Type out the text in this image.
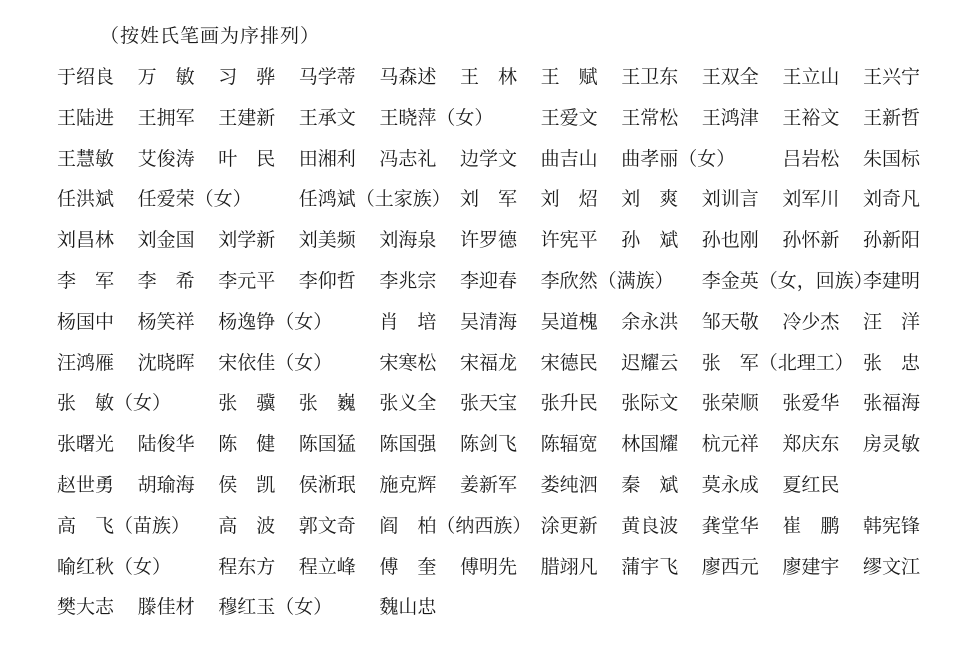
（按姓氏笔画为序排列）
于绍良 万　敏 习　骅 马学蒂 马森述 王　林 王　赋 王卫东 王双全 王立山 王兴宁
王陆进 王拥军 王建新 王承文 王晓萍（女） 王爱文 王常松 王鸿津 王裕文 王新哲
王慧敏 艾俊涛 叶　民 田湘利 冯志礼 边学文 曲吉山 曲孝丽（女） 吕岩松 朱国标
任洪斌 任爱荣（女） 任鸿斌（土家族） 刘　军 刘　炤 刘　爽 刘训言 刘军川 刘奇凡
刘昌林 刘金国 刘学新 刘美频 刘海泉 许罗德 许宪平 孙　斌 孙也刚 孙怀新 孙新阳
李　军 李　希 李元平 李仰哲 李兆宗 李迎春 李欣然（满族） 李金英（女，回族）
李建明
杨国中 杨笑祥 杨逸铮（女） 肖　培 吴清海 吴道槐 余永洪 邹天敬 冷少杰 汪　洋
汪鸿雁 沈晓晖 宋依佳（女） 宋寒松 宋福龙 宋德民 迟耀云 张　军（北理工） 张　忠
张　敏（女） 张　骥 张　巍 张义全 张天宝 张升民 张际文 张荣顺 张爱华 张福海
张曙光 陆俊华 陈　健 陈国猛 陈国强 陈剑飞 陈辐宽 林国耀 杭元祥 郑庆东 房灵敏
赵世勇 胡瑜海 侯　凯 侯淅珉 施克辉 姜新军 娄纯泗 秦　斌 莫永成 夏红民
高　飞（苗族） 高　波 郭文奇 阎　柏（纳西族） 涂更新 黄良波 龚堂华 崔　鹏 韩宪锋
喻红秋（女） 程东方 程立峰 傅　奎 傅明先 腊翊凡 蒲宇飞 廖西元 廖建宇 缪文江
樊大志 滕佳材 穆红玉（女） 魏山忠
